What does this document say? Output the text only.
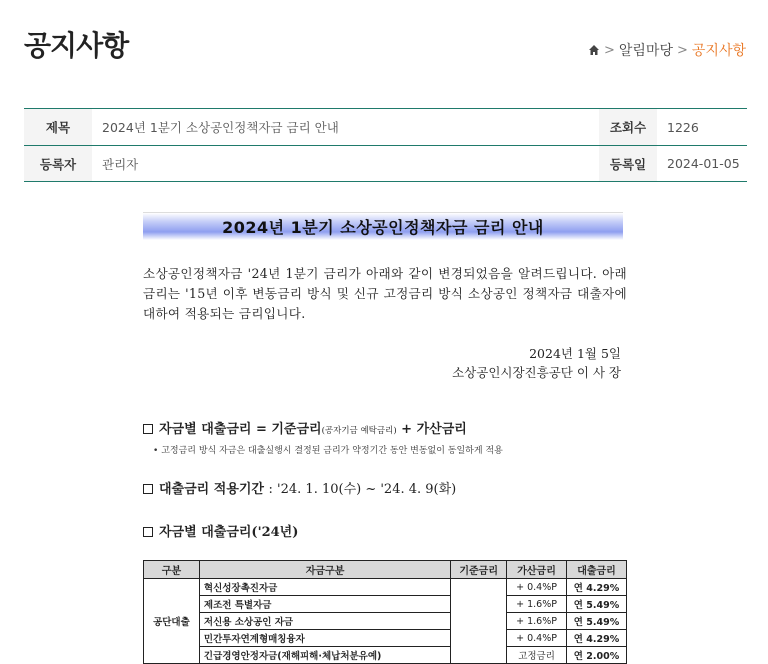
공지사항	> 알림마당 > 공지사항
제목	2024년 1분기 소상공인정책자금 금리 안내	조회수	1226
등록자	관리자	등록일	2024-01-05
2024년 1분기 소상공인정책자금 금리 안내
소상공인정책자금 '24년 1분기 금리가 아래와 같이 변경되었음을 알려드립니다. 아래 금리는 '15년 이후 변동금리 방식 및 신규 고정금리 방식 소상공인 정책자금 대출자에 대하여 적용되는 금리입니다.
2024년 1월 5일
소상공인시장진흥공단 이 사 장
자금별 대출금리 = 기준금리(공자기금 예탁금리) + 가산금리
• 고정금리 방식 자금은 대출실행시 결정된 금리가 약정기간 동안 변동없이 동일하게 적용
대출금리 적용기간 : '24. 1. 10(수) ~ '24. 4. 9(화)
자금별 대출금리('24년)
구분	자금구분	기준금리	가산금리	대출금리
공단대출	혁신성장촉진자금		+ 0.4%P	연 4.29%
	제조전 특별자금		+ 1.6%P	연 5.49%
	저신용 소상공인 자금		+ 1.6%P	연 5.49%
	민간투자연계형매칭융자		+ 0.4%P	연 4.29%
	긴급경영안정자금(재해피해·체납처분유예)		고정금리	연 2.00%
